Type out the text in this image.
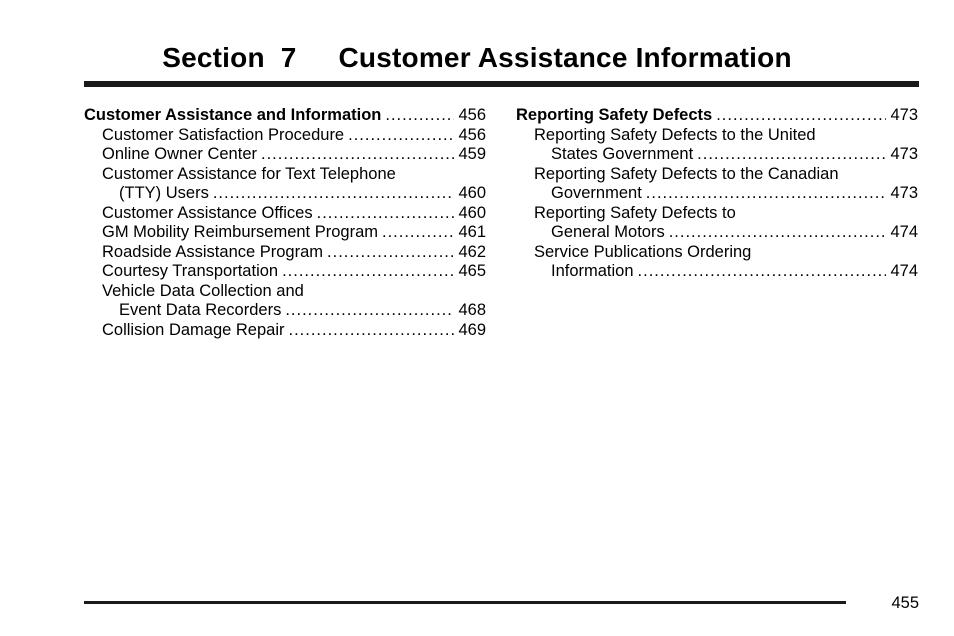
Section  7 Customer Assistance Information
Customer Assistance and Information .....	456
Customer Satisfaction Procedure .....	456
Online Owner Center .....	459
Customer Assistance for Text Telephone
(TTY) Users .....	460
Customer Assistance Offices .....	460
GM Mobility Reimbursement Program .....	461
Roadside Assistance Program .....	462
Courtesy Transportation .....	465
Vehicle Data Collection and
Event Data Recorders .....	468
Collision Damage Repair .....	469
Reporting Safety Defects .....	473
Reporting Safety Defects to the United
States Government .....	473
Reporting Safety Defects to the Canadian
Government .....	473
Reporting Safety Defects to
General Motors .....	474
Service Publications Ordering
Information .....	474
455
